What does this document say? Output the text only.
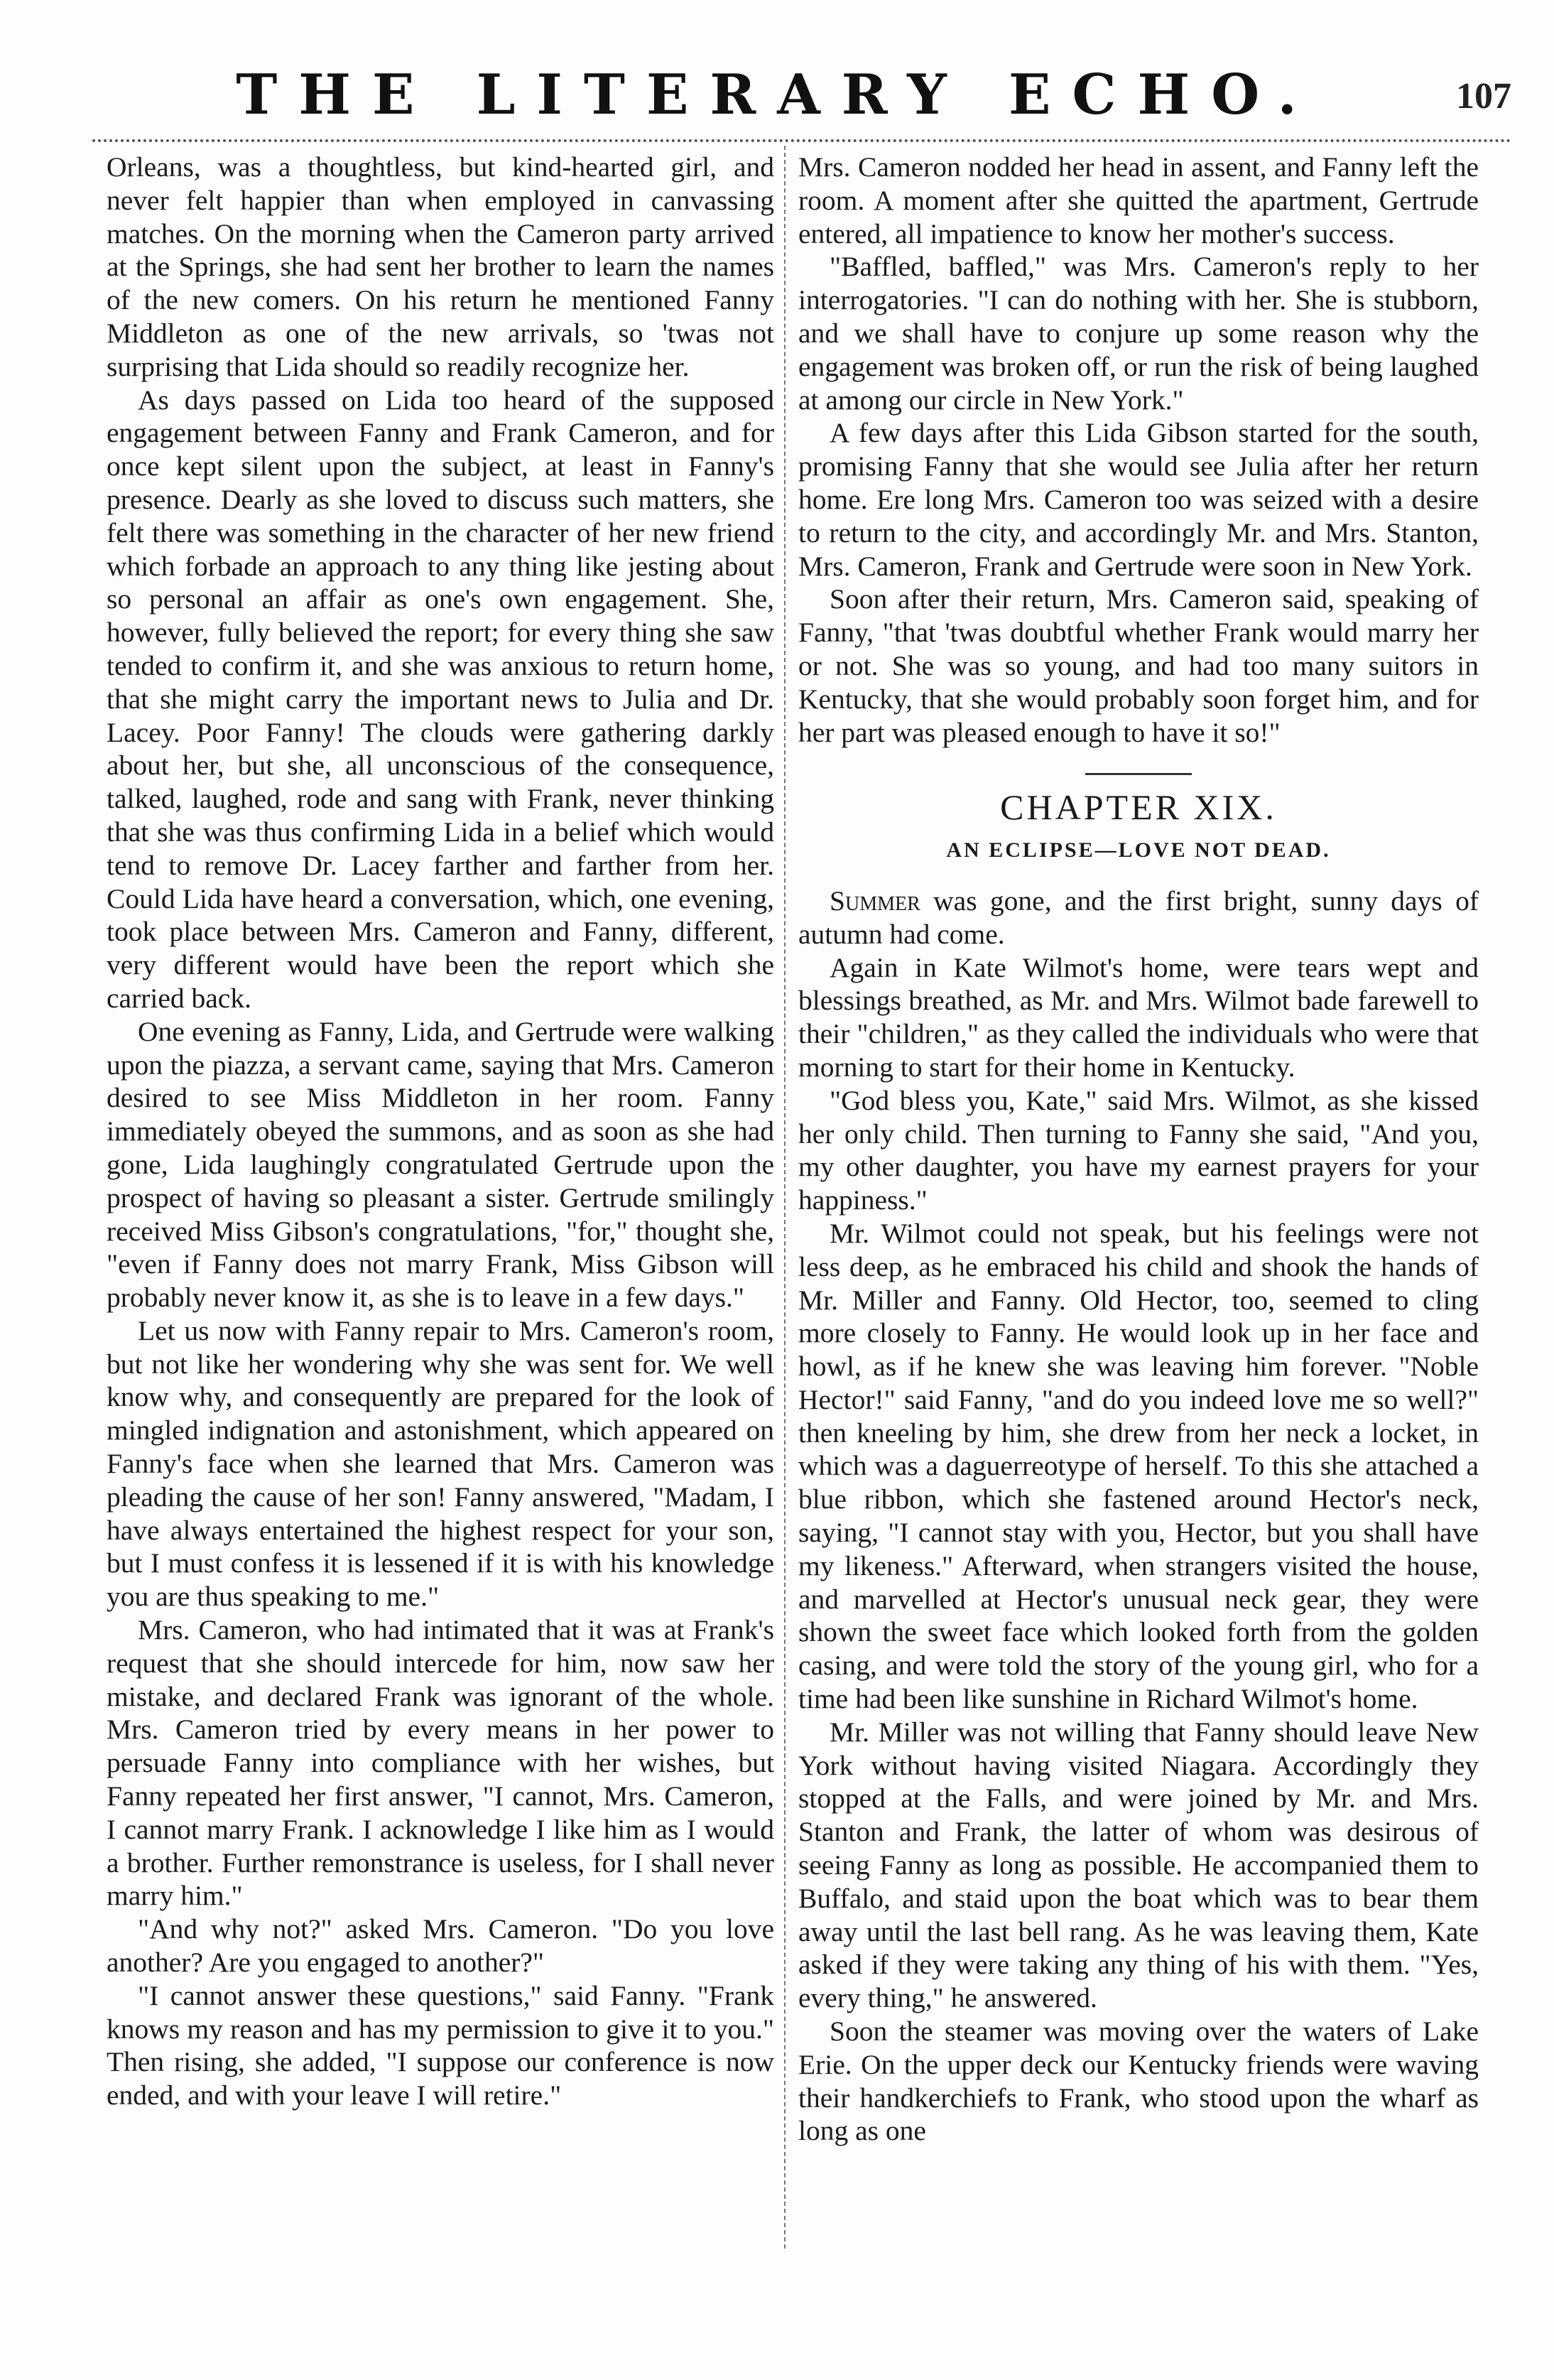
THE LITERARY ECHO.	107

Orleans, was a thoughtless, but kind-hearted girl, and never felt happier than when employed in canvassing matches. On the morning when the Cameron party arrived at the Springs, she had sent her brother to learn the names of the new comers. On his return he mentioned Fanny Middleton as one of the new arrivals, so 'twas not surprising that Lida should so readily recognize her.

As days passed on Lida too heard of the supposed engagement between Fanny and Frank Cameron, and for once kept silent upon the subject, at least in Fanny's presence. Dearly as she loved to discuss such matters, she felt there was something in the character of her new friend which forbade an approach to any thing like jesting about so personal an affair as one's own engagement. She, however, fully believed the report; for every thing she saw tended to confirm it, and she was anxious to return home, that she might carry the important news to Julia and Dr. Lacey. Poor Fanny! The clouds were gathering darkly about her, but she, all unconscious of the consequence, talked, laughed, rode and sang with Frank, never thinking that she was thus confirming Lida in a belief which would tend to remove Dr. Lacey farther and farther from her. Could Lida have heard a conversation, which, one evening, took place between Mrs. Cameron and Fanny, different, very different would have been the report which she carried back.

One evening as Fanny, Lida, and Gertrude were walking upon the piazza, a servant came, saying that Mrs. Cameron desired to see Miss Middleton in her room. Fanny immediately obeyed the summons, and as soon as she had gone, Lida laughingly congratulated Gertrude upon the prospect of having so pleasant a sister. Gertrude smilingly received Miss Gibson's congratulations, "for," thought she, "even if Fanny does not marry Frank, Miss Gibson will probably never know it, as she is to leave in a few days."

Let us now with Fanny repair to Mrs. Cameron's room, but not like her wondering why she was sent for. We well know why, and consequently are prepared for the look of mingled indignation and astonishment, which appeared on Fanny's face when she learned that Mrs. Cameron was pleading the cause of her son! Fanny answered, "Madam, I have always entertained the highest respect for your son, but I must confess it is lessened if it is with his knowledge you are thus speaking to me."

Mrs. Cameron, who had intimated that it was at Frank's request that she should intercede for him, now saw her mistake, and declared Frank was ignorant of the whole. Mrs. Cameron tried by every means in her power to persuade Fanny into compliance with her wishes, but Fanny repeated her first answer, "I cannot, Mrs. Cameron, I cannot marry Frank. I acknowledge I like him as I would a brother. Further remonstrance is useless, for I shall never marry him."

"And why not?" asked Mrs. Cameron. "Do you love another? Are you engaged to another?"

"I cannot answer these questions," said Fanny. "Frank knows my reason and has my permission to give it to you." Then rising, she added, "I suppose our conference is now ended, and with your leave I will retire."

Mrs. Cameron nodded her head in assent, and Fanny left the room. A moment after she quitted the apartment, Gertrude entered, all impatience to know her mother's success.

"Baffled, baffled," was Mrs. Cameron's reply to her interrogatories. "I can do nothing with her. She is stubborn, and we shall have to conjure up some reason why the engagement was broken off, or run the risk of being laughed at among our circle in New York."

A few days after this Lida Gibson started for the south, promising Fanny that she would see Julia after her return home. Ere long Mrs. Cameron too was seized with a desire to return to the city, and accordingly Mr. and Mrs. Stanton, Mrs. Cameron, Frank and Gertrude were soon in New York.

Soon after their return, Mrs. Cameron said, speaking of Fanny, "that 'twas doubtful whether Frank would marry her or not. She was so young, and had too many suitors in Kentucky, that she would probably soon forget him, and for her part was pleased enough to have it so!"

CHAPTER XIX.
AN ECLIPSE—LOVE NOT DEAD.

Summer was gone, and the first bright, sunny days of autumn had come.

Again in Kate Wilmot's home, were tears wept and blessings breathed, as Mr. and Mrs. Wilmot bade farewell to their "children," as they called the individuals who were that morning to start for their home in Kentucky.

"God bless you, Kate," said Mrs. Wilmot, as she kissed her only child. Then turning to Fanny she said, "And you, my other daughter, you have my earnest prayers for your happiness."

Mr. Wilmot could not speak, but his feelings were not less deep, as he embraced his child and shook the hands of Mr. Miller and Fanny. Old Hector, too, seemed to cling more closely to Fanny. He would look up in her face and howl, as if he knew she was leaving him forever. "Noble Hector!" said Fanny, "and do you indeed love me so well?" then kneeling by him, she drew from her neck a locket, in which was a daguerreotype of herself. To this she attached a blue ribbon, which she fastened around Hector's neck, saying, "I cannot stay with you, Hector, but you shall have my likeness." Afterward, when strangers visited the house, and marvelled at Hector's unusual neck gear, they were shown the sweet face which looked forth from the golden casing, and were told the story of the young girl, who for a time had been like sunshine in Richard Wilmot's home.

Mr. Miller was not willing that Fanny should leave New York without having visited Niagara. Accordingly they stopped at the Falls, and were joined by Mr. and Mrs. Stanton and Frank, the latter of whom was desirous of seeing Fanny as long as possible. He accompanied them to Buffalo, and staid upon the boat which was to bear them away until the last bell rang. As he was leaving them, Kate asked if they were taking any thing of his with them. "Yes, every thing," he answered.

Soon the steamer was moving over the waters of Lake Erie. On the upper deck our Kentucky friends were waving their handkerchiefs to Frank, who stood upon the wharf as long as one
